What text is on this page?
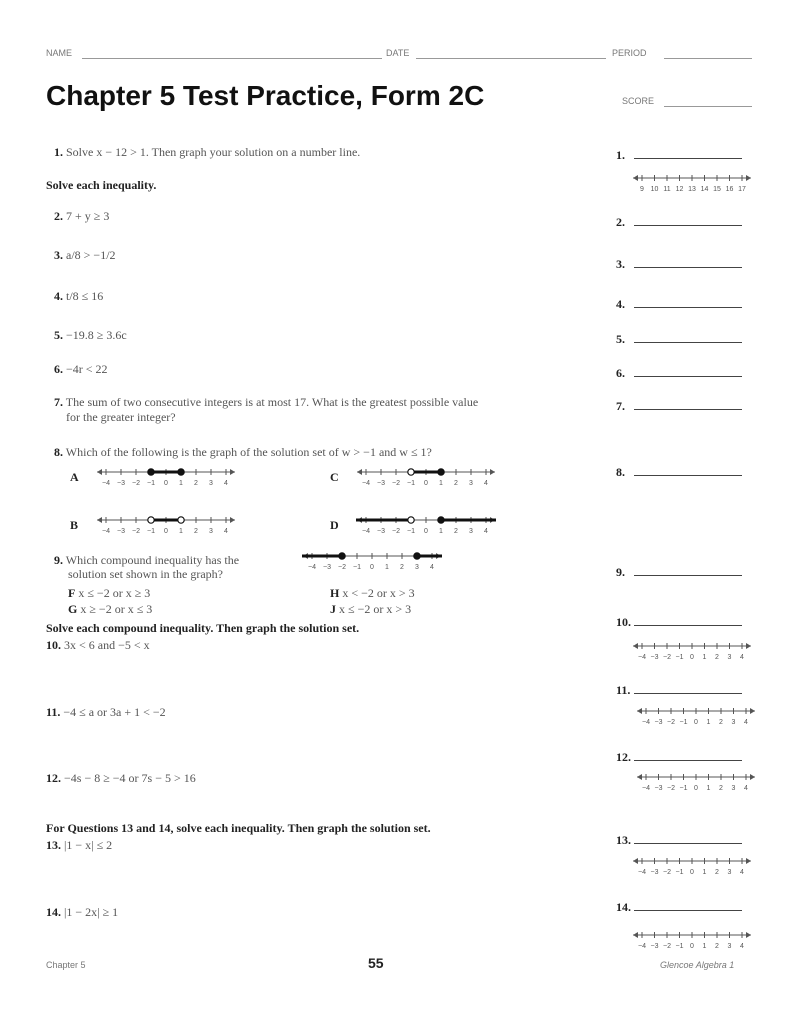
NAME	DATE	PERIOD
Chapter 5 Test Practice, Form 2C	SCORE
1. Solve x − 12 > 1. Then graph your solution on a number line.
Solve each inequality.
2. 7 + y ≥ 3
3. a/8 > −1/2
4. t/8 ≤ 16
5. −19.8 ≥ 3.6c
6. −4r < 22
7. The sum of two consecutive integers is at most 17. What is the greatest possible value
for the greater integer?
8. Which of the following is the graph of the solution set of w > −1 and w ≤ 1?
A	−4 −3 −2 −1 0 1 2 3 4	C	−4 −3 −2 −1 0 1 2 3 4
B	−4 −3 −2 −1 0 1 2 3 4	D	−4 −3 −2 −1 0 1 2 3 4
9. Which compound inequality has the
solution set shown in the graph?	−4 −3 −2 −1 0 1 2 3 4
F x ≤ −2 or x ≥ 3
G x ≥ −2 or x ≤ 3
H x < −2 or x > 3
J x ≤ −2 or x > 3
Solve each compound inequality. Then graph the solution set.
10. 3x < 6 and −5 < x
11. −4 ≤ a or 3a + 1 < −2
12. −4s − 8 ≥ −4 or 7s − 5 > 16
For Questions 13 and 14, solve each inequality. Then graph the solution set.
13. |1 − x| ≤ 2
14. |1 − 2x| ≥ 1
1.
2.
3.
4.
5.
6.
7.
8.
9.
10.
11.
12.
13.
14.
9 10 11 12 13 14 15 16 17
−4 −3 −2 −1 0 1 2 3 4
−4 −3 −2 −1 0 1 2 3 4
−4 −3 −2 −1 0 1 2 3 4
−4 −3 −2 −1 0 1 2 3 4
−4 −3 −2 −1 0 1 2 3 4
Chapter 5	55	Glencoe Algebra 1
